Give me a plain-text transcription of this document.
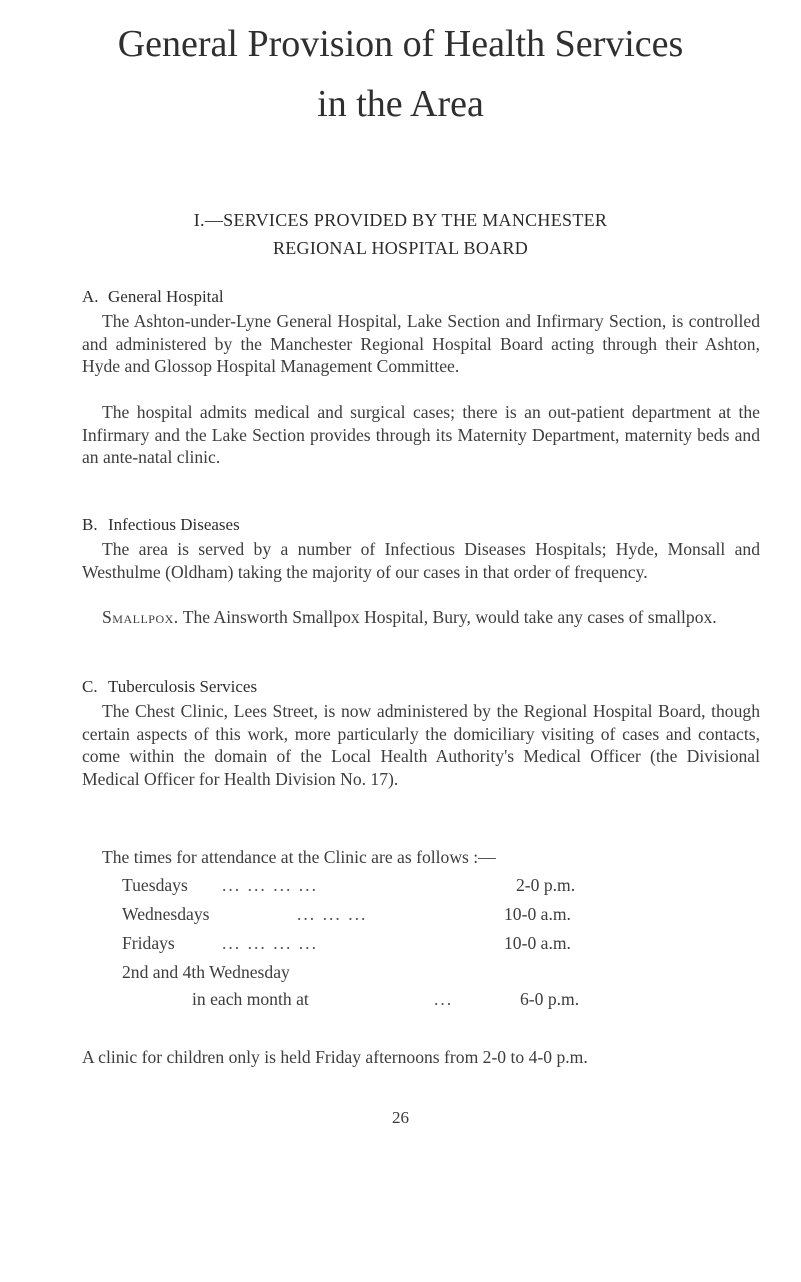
General Provision of Health Services
in the Area
I.—SERVICES PROVIDED BY THE MANCHESTER
REGIONAL HOSPITAL BOARD
A. General Hospital

The Ashton-under-Lyne General Hospital, Lake Section and Infirmary Section, is controlled and administered by the Manchester Regional Hospital Board acting through their Ashton, Hyde and Glossop Hospital Management Committee.

The hospital admits medical and surgical cases; there is an out-patient department at the Infirmary and the Lake Section provides through its Maternity Department, maternity beds and an ante-natal clinic.

B. Infectious Diseases

The area is served by a number of Infectious Diseases Hospitals; Hyde, Monsall and Westhulme (Oldham) taking the majority of our cases in that order of frequency.

Smallpox. The Ainsworth Smallpox Hospital, Bury, would take any cases of smallpox.

C. Tuberculosis Services

The Chest Clinic, Lees Street, is now administered by the Regional Hospital Board, though certain aspects of this work, more particularly the domiciliary visiting of cases and contacts, come within the domain of the Local Health Authority's Medical Officer (the Divisional Medical Officer for Health Division No. 17).

The times for attendance at the Clinic are as follows :—

Tuesdays ... ... ... ...	2-0 p.m.
Wednesdays	... ... ...	10-0 a.m.
Fridays	... ... ... ...	10-0 a.m.
2nd and 4th Wednesday
in each month at	...	6-0 p.m.

A clinic for children only is held Friday afternoons from 2-0 to 4-0 p.m.

26
